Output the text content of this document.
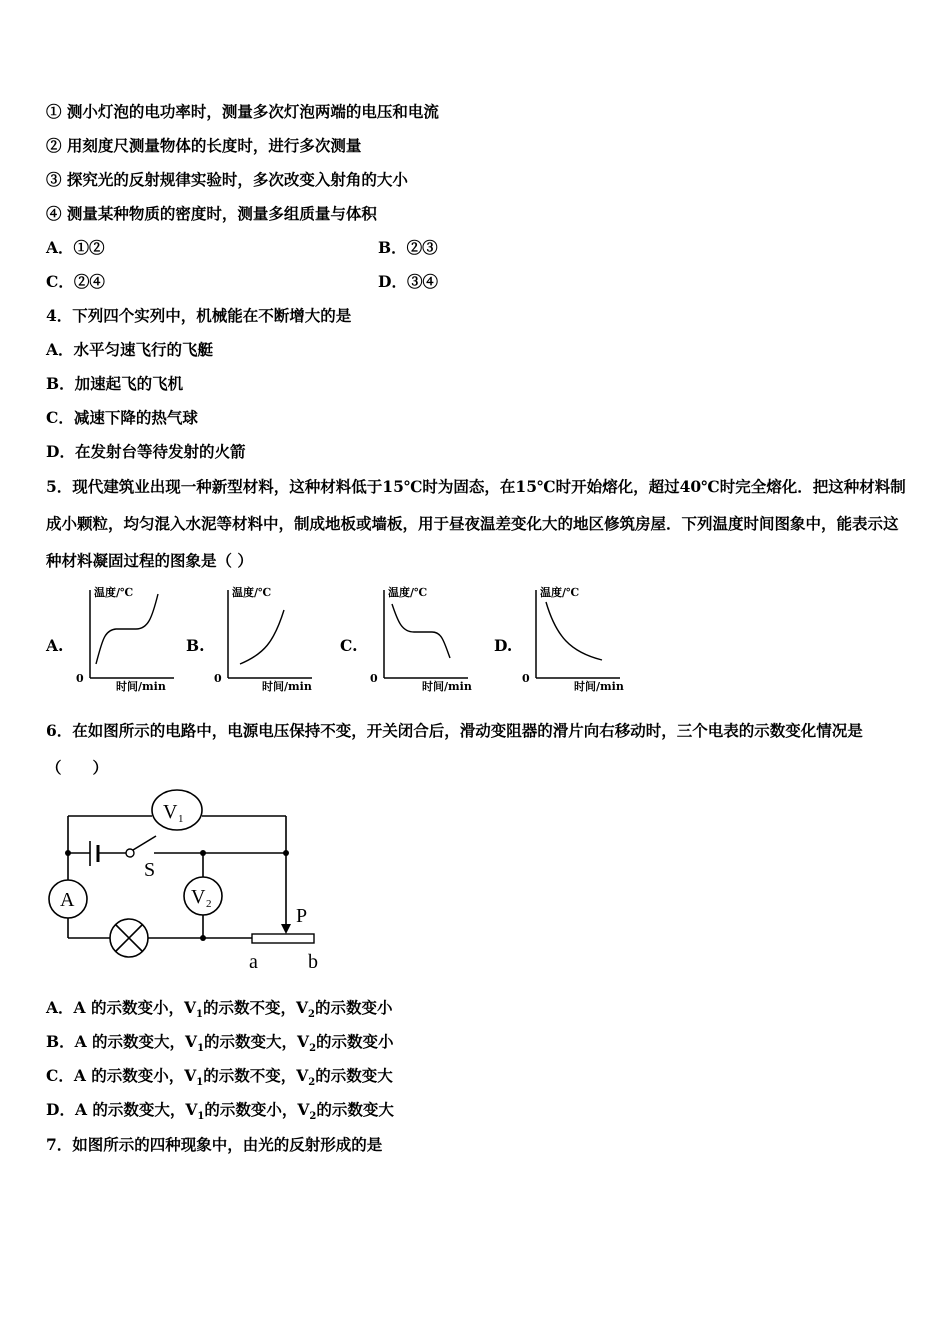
① 测小灯泡的电功率时，测量多次灯泡两端的电压和电流
② 用刻度尺测量物体的长度时，进行多次测量
③ 探究光的反射规律实验时，多次改变入射角的大小
④ 测量某种物质的密度时，测量多组质量与体积
A．①②	B．②③
C．②④	D．③④
4．下列四个实列中，机械能在不断增大的是
A．水平匀速飞行的飞艇
B．加速起飞的飞机
C．减速下降的热气球
D．在发射台等待发射的火箭
5．现代建筑业出现一种新型材料，这种材料低于15℃时为固态，在15℃时开始熔化，超过40℃时完全熔化．把这种材料制成小颗粒，均匀混入水泥等材料中，制成地板或墙板，用于昼夜温差变化大的地区修筑房屋．下列温度时间图象中，能表示这种材料凝固过程的图象是（ ）
A.
温度/℃
时间/min
0
B.
温度/℃
时间/min
0
C.
温度/℃
时间/min
0
D.
温度/℃
时间/min
0
6．在如图所示的电路中，电源电压保持不变，开关闭合后，滑动变阻器的滑片向右移动时，三个电表的示数变化情况是（　　）
V 1
S
A	V 2
P
a	b
A．A 的示数变小，$V_1$的示数不变，$V_2$的示数变小
B．A 的示数变大，$V_1$的示数变大，$V_2$的示数变小
C．A 的示数变小，$V_1$的示数不变，$V_2$的示数变大
D．A 的示数变大，$V_1$的示数变小，$V_2$的示数变大
7．如图所示的四种现象中，由光的反射形成的是
